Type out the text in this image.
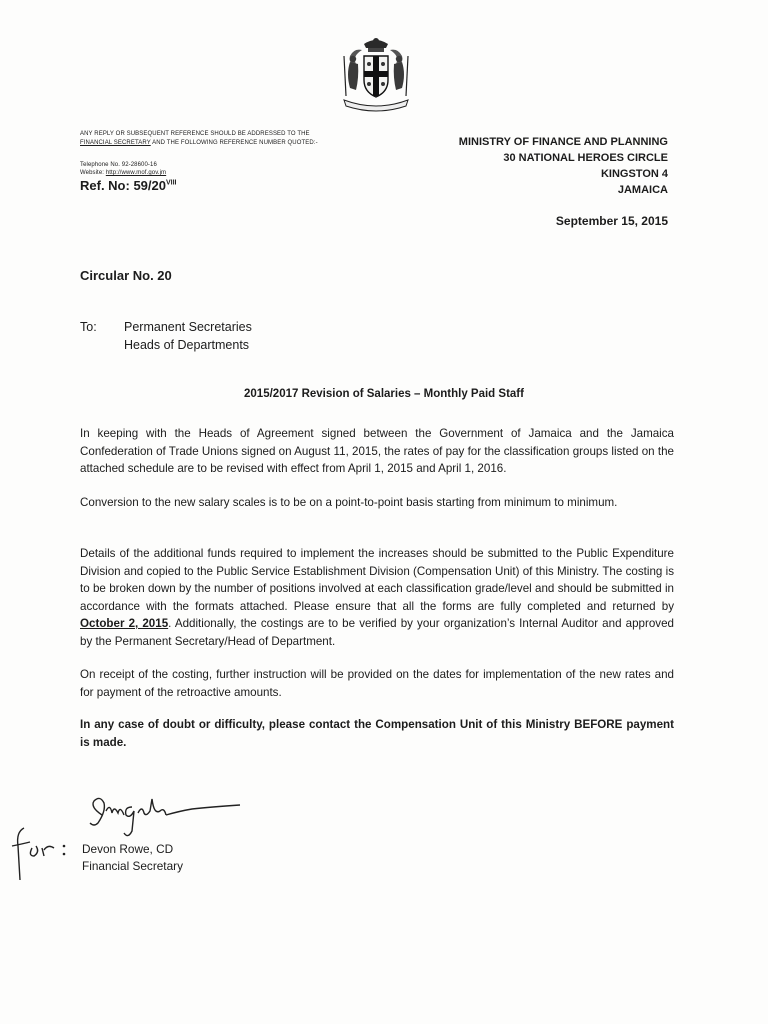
ANY REPLY OR SUBSEQUENT REFERENCE SHOULD BE ADDRESSED TO THE
FINANCIAL SECRETARY AND THE FOLLOWING REFERENCE NUMBER QUOTED:-
Telephone No. 92-28600-16
Website: http://www.mof.gov.jm
Ref. No: $59/20^{VIII}$
MINISTRY OF FINANCE AND PLANNING
30 NATIONAL HEROES CIRCLE
KINGSTON 4
JAMAICA
September 15, 2015
Circular No. 20
To: Permanent Secretaries
Heads of Departments
2015/2017 Revision of Salaries – Monthly Paid Staff
In keeping with the Heads of Agreement signed between the Government of Jamaica and the Jamaica Confederation of Trade Unions signed on August 11, 2015, the rates of pay for the classification groups listed on the attached schedule are to be revised with effect from April 1, 2015 and April 1, 2016.
Conversion to the new salary scales is to be on a point-to-point basis starting from minimum to minimum.
Details of the additional funds required to implement the increases should be submitted to the Public Expenditure Division and copied to the Public Service Establishment Division (Compensation Unit) of this Ministry. The costing is to be broken down by the number of positions involved at each classification grade/level and should be submitted in accordance with the formats attached. Please ensure that all the forms are fully completed and returned by October 2, 2015. Additionally, the costings are to be verified by your organization’s Internal Auditor and approved by the Permanent Secretary/Head of Department.
On receipt of the costing, further instruction will be provided on the dates for implementation of the new rates and for payment of the retroactive amounts.
In any case of doubt or difficulty, please contact the Compensation Unit of this Ministry BEFORE payment is made.
Devon Rowe, CD
Financial Secretary
